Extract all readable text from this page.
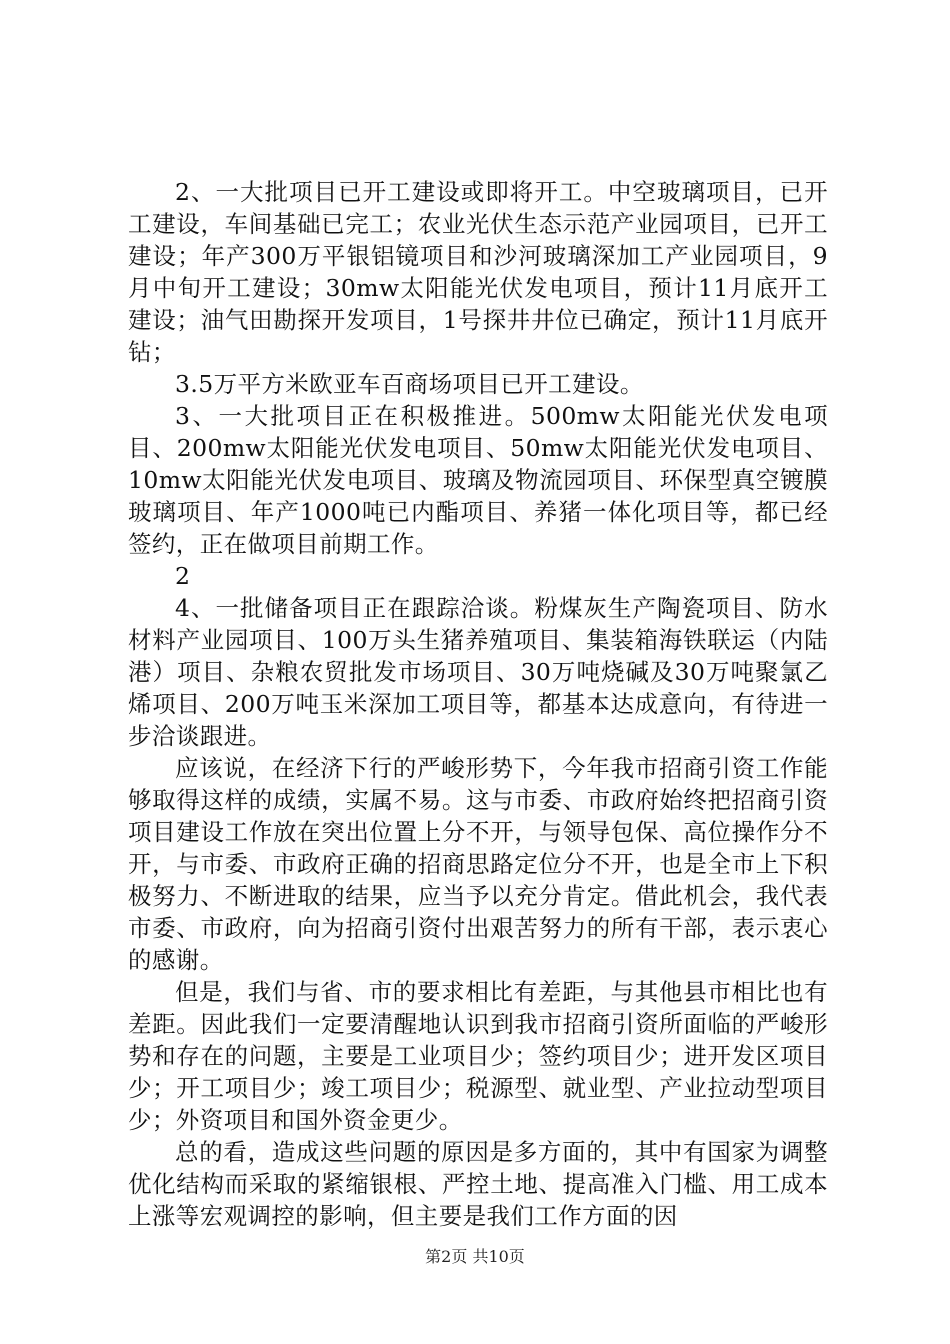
2、一大批项目已开工建设或即将开工。中空玻璃项目，已开工建设，车间基础已完工；农业光伏生态示范产业园项目，已开工建设；年产300万平银铝镜项目和沙河玻璃深加工产业园项目，9月中旬开工建设；30mw太阳能光伏发电项目，预计11月底开工建设；油气田勘探开发项目，1号探井井位已确定，预计11月底开钻；

3.5万平方米欧亚车百商场项目已开工建设。

3、一大批项目正在积极推进。500mw太阳能光伏发电项目、200mw太阳能光伏发电项目、50mw太阳能光伏发电项目、10mw太阳能光伏发电项目、玻璃及物流园项目、环保型真空镀膜玻璃项目、年产1000吨已内酯项目、养猪一体化项目等，都已经签约，正在做项目前期工作。

2

4、一批储备项目正在跟踪洽谈。粉煤灰生产陶瓷项目、防水材料产业园项目、100万头生猪养殖项目、集装箱海铁联运（内陆港）项目、杂粮农贸批发市场项目、30万吨烧碱及30万吨聚氯乙烯项目、200万吨玉米深加工项目等，都基本达成意向，有待进一步洽谈跟进。

应该说，在经济下行的严峻形势下，今年我市招商引资工作能够取得这样的成绩，实属不易。这与市委、市政府始终把招商引资项目建设工作放在突出位置上分不开，与领导包保、高位操作分不开，与市委、市政府正确的招商思路定位分不开，也是全市上下积极努力、不断进取的结果，应当予以充分肯定。借此机会，我代表市委、市政府，向为招商引资付出艰苦努力的所有干部，表示衷心的感谢。

但是，我们与省、市的要求相比有差距，与其他县市相比也有差距。因此我们一定要清醒地认识到我市招商引资所面临的严峻形势和存在的问题，主要是工业项目少；签约项目少；进开发区项目少；开工项目少；竣工项目少；税源型、就业型、产业拉动型项目少；外资项目和国外资金更少。

总的看，造成这些问题的原因是多方面的，其中有国家为调整优化结构而采取的紧缩银根、严控土地、提高准入门槛、用工成本上涨等宏观调控的影响，但主要是我们工作方面的因

第2页 共10页
